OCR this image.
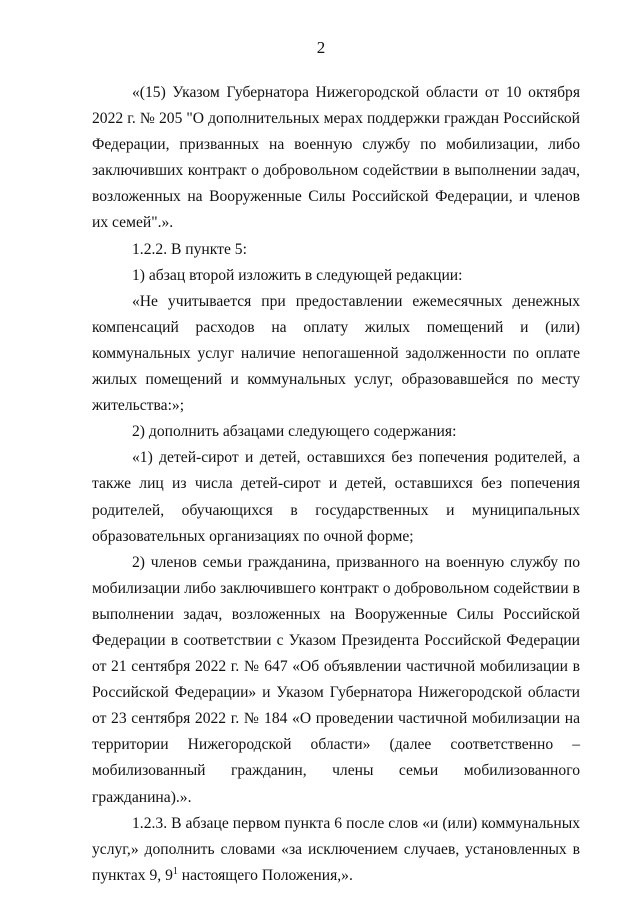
2

«(15) Указом Губернатора Нижегородской области от 10 октября 2022 г. № 205 "О дополнительных мерах поддержки граждан Российской Федерации, призванных на военную службу по мобилизации, либо заключивших контракт о добровольном содействии в выполнении задач, возложенных на Вооруженные Силы Российской Федерации, и членов их семей".».

1.2.2. В пункте 5:

1) абзац второй изложить в следующей редакции:

«Не учитывается при предоставлении ежемесячных денежных компенсаций расходов на оплату жилых помещений и (или) коммунальных услуг наличие непогашенной задолженности по оплате жилых помещений и коммунальных услуг, образовавшейся по месту жительства:»;

2) дополнить абзацами следующего содержания:

«1) детей-сирот и детей, оставшихся без попечения родителей, а также лиц из числа детей-сирот и детей, оставшихся без попечения родителей, обучающихся в государственных и муниципальных образовательных организациях по очной форме;

2) членов семьи гражданина, призванного на военную службу по мобилизации либо заключившего контракт о добровольном содействии в выполнении задач, возложенных на Вооруженные Силы Российской Федерации в соответствии с Указом Президента Российской Федерации от 21 сентября 2022 г. № 647 «Об объявлении частичной мобилизации в Российской Федерации» и Указом Губернатора Нижегородской области от 23 сентября 2022 г. № 184 «О проведении частичной мобилизации на территории Нижегородской области» (далее соответственно – мобилизованный гражданин, члены семьи мобилизованного гражданина).».

1.2.3. В абзаце первом пункта 6 после слов «и (или) коммунальных услуг,» дополнить словами «за исключением случаев, установленных в пунктах 9, $9^1$ настоящего Положения,».
